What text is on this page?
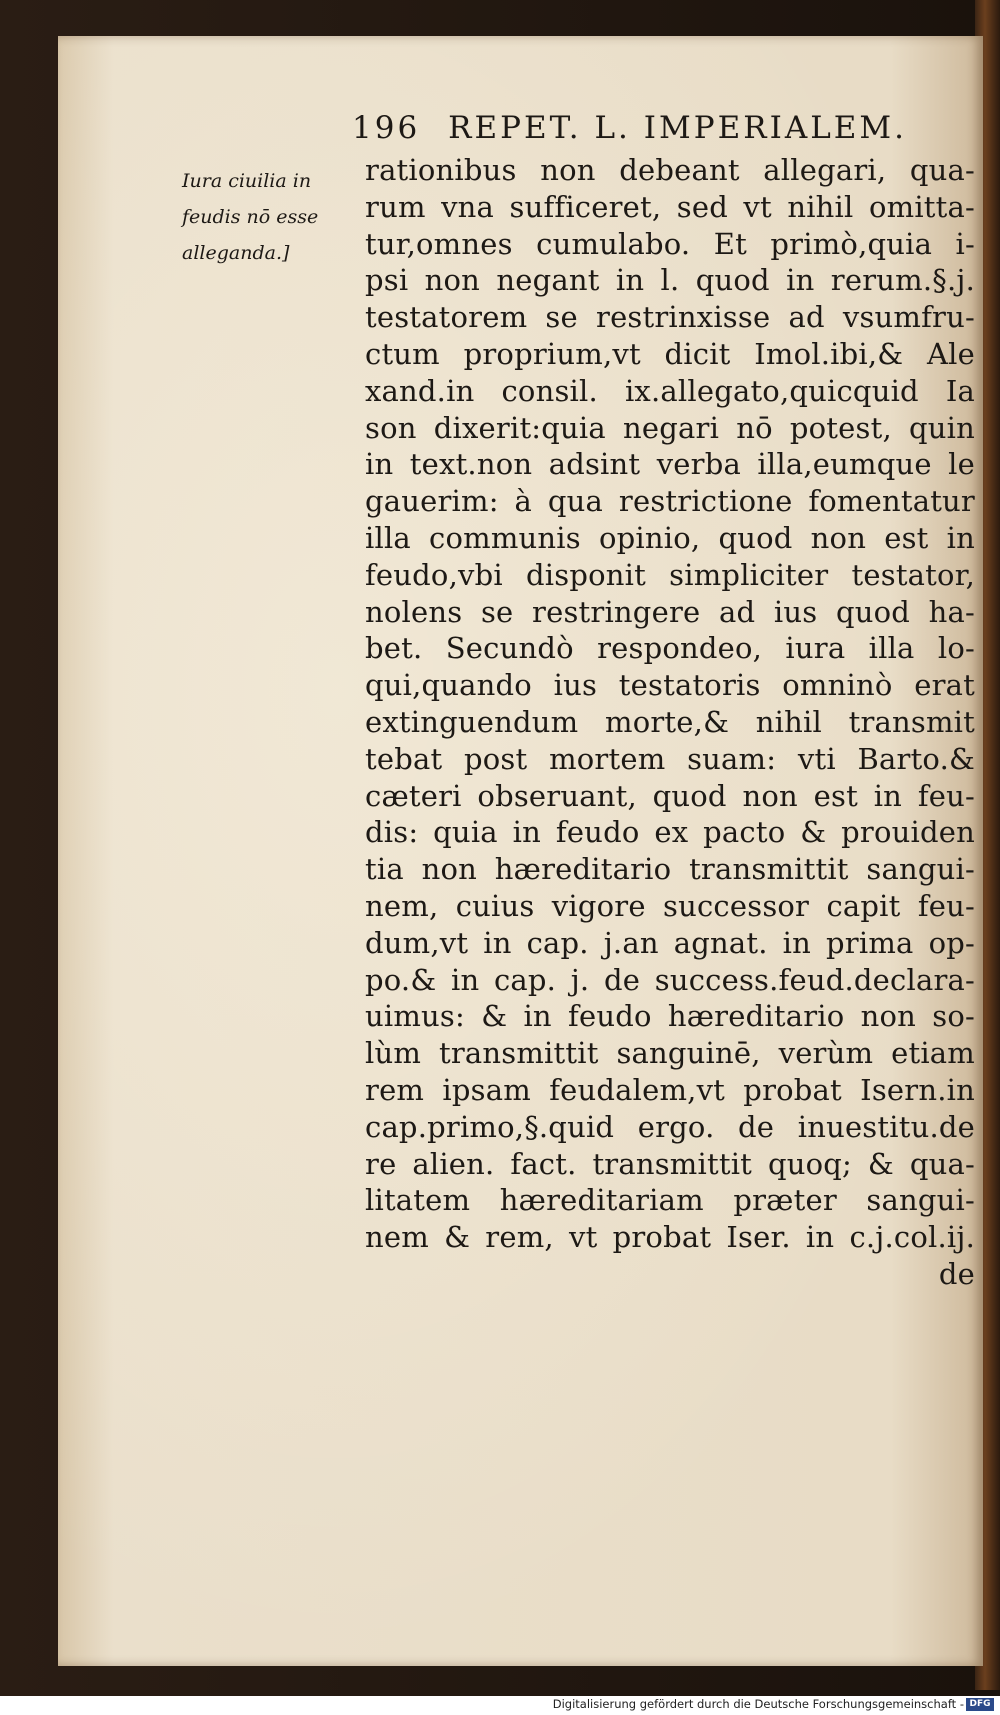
196 REPET. L. IMPERIALEM.
Iura ciuilia in
feudis nō esse
alleganda.]
rationibus non debeant allegari, qua-
rum vna sufficeret, sed vt nihil omitta-
tur,omnes cumulabo. Et primò,quia i-
psi non negant in l. quod in rerum.§.j.
testatorem se restrinxisse ad vsumfru-
ctum proprium,vt dicit Imol.ibi,& Ale
xand.in consil. ix.allegato,quicquid Ia
son dixerit:quia negari nō potest, quin
in text.non adsint verba illa,eumque le
gauerim: à qua restrictione fomentatur
illa communis opinio, quod non est in
feudo,vbi disponit simpliciter testator,
nolens se restringere ad ius quod ha-
bet. Secundò respondeo, iura illa lo-
qui,quando ius testatoris omninò erat
extinguendum morte,& nihil transmit
tebat post mortem suam: vti Barto.&
cæteri obseruant, quod non est in feu-
dis: quia in feudo ex pacto & prouiden
tia non hæreditario transmittit sangui-
nem, cuius vigore successor capit feu-
dum,vt in cap. j.an agnat. in prima op-
po.& in cap. j. de success.feud.declara-
uimus: & in feudo hæreditario non so-
lùm transmittit sanguinē, verùm etiam
rem ipsam feudalem,vt probat Isern.in
cap.primo,§.quid ergo. de inuestitu.de
re alien. fact. transmittit quoq; & qua-
litatem hæreditariam præter sangui-
nem & rem, vt probat Iser. in c.j.col.ij.
de
Digitalisierung gefördert durch die Deutsche Forschungsgemeinschaft - DFG
